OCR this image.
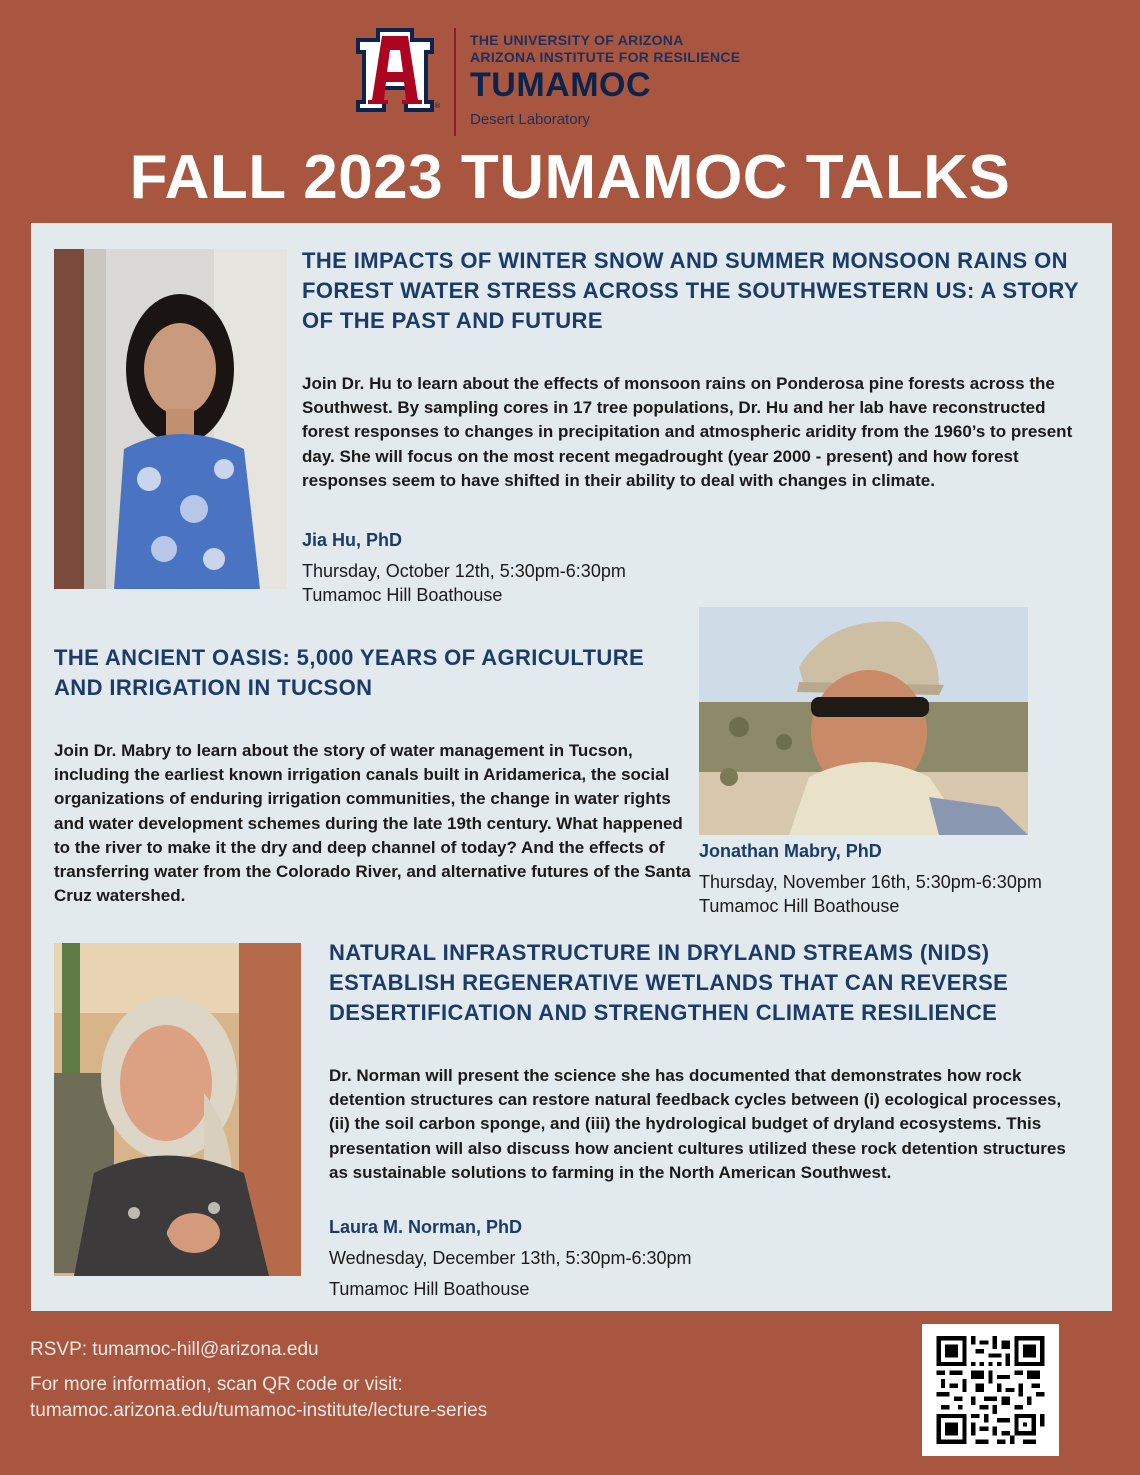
®
THE UNIVERSITY OF ARIZONA
ARIZONA INSTITUTE FOR RESILIENCE
TUMAMOC
Desert Laboratory
FALL 2023 TUMAMOC TALKS
THE IMPACTS OF WINTER SNOW AND SUMMER MONSOON RAINS ON FOREST WATER STRESS ACROSS THE SOUTHWESTERN US: A STORY OF THE PAST AND FUTURE

Join Dr. Hu to learn about the effects of monsoon rains on Ponderosa pine forests across the Southwest. By sampling cores in 17 tree populations, Dr. Hu and her lab have reconstructed forest responses to changes in precipitation and atmospheric aridity from the 1960’s to present day. She will focus on the most recent megadrought (year 2000 - present) and how forest responses seem to have shifted in their ability to deal with changes in climate.

Jia Hu, PhD
Thursday, October 12th, 5:30pm-6:30pm
Tumamoc Hill Boathouse
THE ANCIENT OASIS: 5,000 YEARS OF AGRICULTURE AND IRRIGATION IN TUCSON

Join Dr. Mabry to learn about the story of water management in Tucson, including the earliest known irrigation canals built in Aridamerica, the social organizations of enduring irrigation communities, the change in water rights and water development schemes during the late 19th century. What happened to the river to make it the dry and deep channel of today? And the effects of transferring water from the Colorado River, and alternative futures of the Santa Cruz watershed.

Jonathan Mabry, PhD
Thursday, November 16th, 5:30pm-6:30pm
Tumamoc Hill Boathouse
NATURAL INFRASTRUCTURE IN DRYLAND STREAMS (NIDS) ESTABLISH REGENERATIVE WETLANDS THAT CAN REVERSE DESERTIFICATION AND STRENGTHEN CLIMATE RESILIENCE

Dr. Norman will present the science she has documented that demonstrates how rock detention structures can restore natural feedback cycles between (i) ecological processes, (ii) the soil carbon sponge, and (iii) the hydrological budget of dryland ecosystems. This presentation will also discuss how ancient cultures utilized these rock detention structures as sustainable solutions to farming in the North American Southwest.

Laura M. Norman, PhD
Wednesday, December 13th, 5:30pm-6:30pm
Tumamoc Hill Boathouse
RSVP: tumamoc-hill@arizona.edu
For more information, scan QR code or visit:
tumamoc.arizona.edu/tumamoc-institute/lecture-series
